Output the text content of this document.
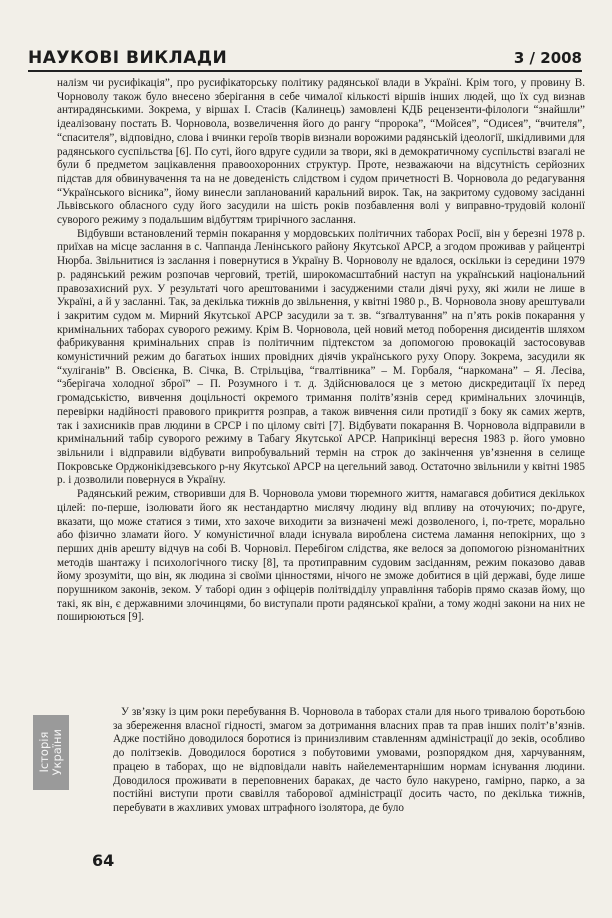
НАУКОВІ ВИКЛАДИ	3 / 2008

налізм чи русифікація”, про русифікаторську політику радянської влади в Україні. Крім того, у провину В. Чорноволу також було внесено зберігання в себе чималої кількості віршів інших людей, що їх суд визнав антирадянськими. Зокрема, у віршах І. Стасів (Калинець) замовлені КДБ рецензенти-філологи “знайшли” ідеалізовану постать В. Чорновола, возвеличення його до рангу “пророка”, “Мойсея”, “Одисея”, “вчителя”, “спасителя”, відповідно, слова і вчинки героїв творів визнали ворожими радянській ідеології, шкідливими для радянського суспільства [6]. По суті, його вдруге судили за твори, які в демократичному суспільстві взагалі не були б предметом зацікавлення правоохоронних структур. Проте, незважаючи на відсутність серйозних підстав для обвинувачення та на не доведеність слідством і судом причетності В. Чорновола до редагування “Українського вісника”, йому винесли запланований каральний вирок. Так, на закритому судовому засіданні Львівського обласного суду його засудили на шість років позбавлення волі у виправно-трудовій колонії суворого режиму з подальшим відбуттям трирічного заслання.

Відбувши встановлений термін покарання у мордовських політичних таборах Росії, він у березні 1978 р. приїхав на місце заслання в с. Чаппанда Ленінського району Якутської АРСР, а згодом проживав у райцентрі Нюрба. Звільнитися із заслання і повернутися в Україну В. Чорноволу не вдалося, оскільки із середини 1979 р. радянський режим розпочав черговий, третій, широкомасштабний наступ на український національний правозахисний рух. У результаті чого арештованими і засудженими стали діячі руху, які жили не лише в Україні, а й у засланні. Так, за декілька тижнів до звільнення, у квітні 1980 р., В. Чорновола знову арештували і закритим судом м. Мирний Якутської АРСР засудили за т. зв. “зґвалтування” на п’ять років покарання у кримінальних таборах суворого режиму. Крім В. Чорновола, цей новий метод поборення дисидентів шляхом фабрикування кримінальних справ із політичним підтекстом за допомогою провокацій застосовував комуністичний режим до багатьох інших провідних діячів українського руху Опору. Зокрема, засудили як “хуліганів” В. Овсієнка, В. Січка, В. Стрільціва, “гвалтівника” – М. Горбаля, “наркомана” – Я. Лесіва, “зберігача холодної зброї” – П. Розумного і т. д. Здійснювалося це з метою дискредитації їх перед громадськістю, вивчення доцільності окремого тримання політв’язнів серед кримінальних злочинців, перевірки надійності правового прикриття розправ, а також вивчення сили протидії з боку як самих жертв, так і захисників прав людини в СРСР і по цілому світі [7]. Відбувати покарання В. Чорновола відправили в кримінальний табір суворого режиму в Табагу Якутської АРСР. Наприкінці вересня 1983 р. його умовно звільнили і відправили відбувати випробувальний термін на строк до закінчення ув’язнення в селище Покровське Орджонікідзевського р-ну Якутської АРСР на цегельний завод. Остаточно звільнили у квітні 1985 р. і дозволили повернуся в Україну.

Радянський режим, створивши для В. Чорновола умови тюремного життя, намагався добитися декількох цілей: по-перше, ізолювати його як нестандартно мислячу людину від впливу на оточуючих; по-друге, вказати, що може статися з тими, хто захоче виходити за визначені межі дозволеного, і, по-третє, морально або фізично зламати його. У комуністичної влади існувала вироблена система ламання непокірних, що з перших днів арешту відчув на собі В. Чорновіл. Перебігом слідства, яке велося за допомогою різноманітних методів шантажу і психологічного тиску [8], та протиправним судовим засіданням, режим показово давав йому зрозуміти, що він, як людина зі своїми цінностями, нічого не зможе добитися в цій державі, буде лише порушником законів, зеком. У таборі один з офіцерів політвідділу управління таборів прямо сказав йому, що такі, як він, є державними злочинцями, бо виступали проти радянської країни, а тому жодні закони на них не поширюються [9].

У зв’язку із цим роки перебування В. Чорновола в таборах стали для нього тривалою боротьбою за збереження власної гідності, змагом за дотримання власних прав та прав інших політ’в’язнів. Адже постійно доводилося боротися із принизливим ставленням адміністрації до зеків, особливо до політзеків. Доводилося боротися з побутовими умовами, розпорядком дня, харчуванням, працею в таборах, що не відповідали навіть найелементарнішим нормам існування людини. Доводилося проживати в переповнених бараках, де часто було накурено, гамірно, парко, а за постійні виступи проти свавілля таборової адміністрації досить часто, по декілька тижнів, перебувати в жахливих умовах штрафного ізолятора, де було

Історія
України
64
